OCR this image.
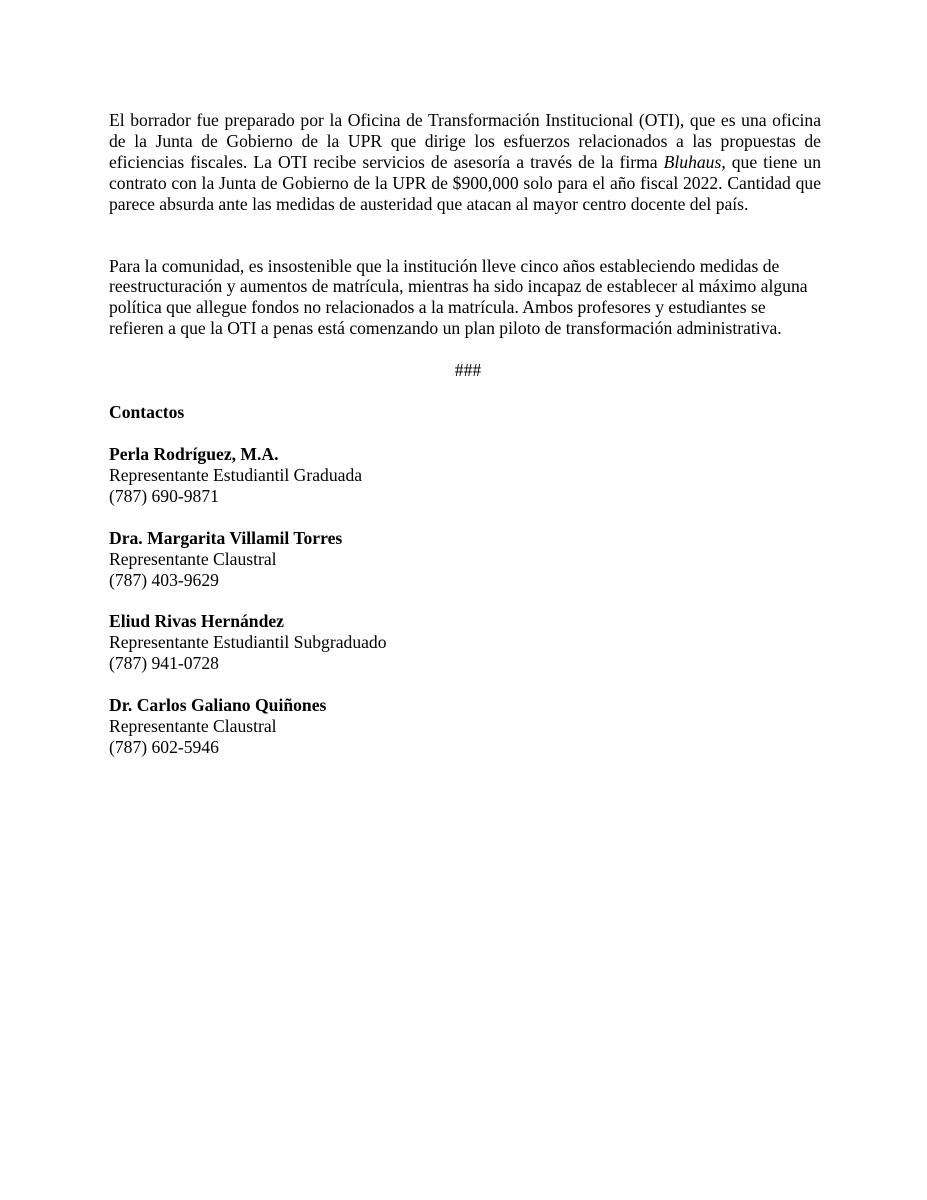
El borrador fue preparado por la Oficina de Transformación Institucional (OTI), que es una oficina de la Junta de Gobierno de la UPR que dirige los esfuerzos relacionados a las propuestas de eficiencias fiscales. La OTI recibe servicios de asesoría a través de la firma Bluhaus, que tiene un contrato con la Junta de Gobierno de la UPR de $900,000 solo para el año fiscal 2022. Cantidad que parece absurda ante las medidas de austeridad que atacan al mayor centro docente del país.

Para la comunidad, es insostenible que la institución lleve cinco años estableciendo medidas de reestructuración y aumentos de matrícula, mientras ha sido incapaz de establecer al máximo alguna política que allegue fondos no relacionados a la matrícula. Ambos profesores y estudiantes se refieren a que la OTI a penas está comenzando un plan piloto de transformación administrativa.

###
Contactos
Perla Rodríguez, M.A.
Representante Estudiantil Graduada
(787) 690-9871
Dra. Margarita Villamil Torres
Representante Claustral
(787) 403-9629
Eliud Rivas Hernández
Representante Estudiantil Subgraduado
(787) 941-0728
Dr. Carlos Galiano Quiñones
Representante Claustral
(787) 602-5946
